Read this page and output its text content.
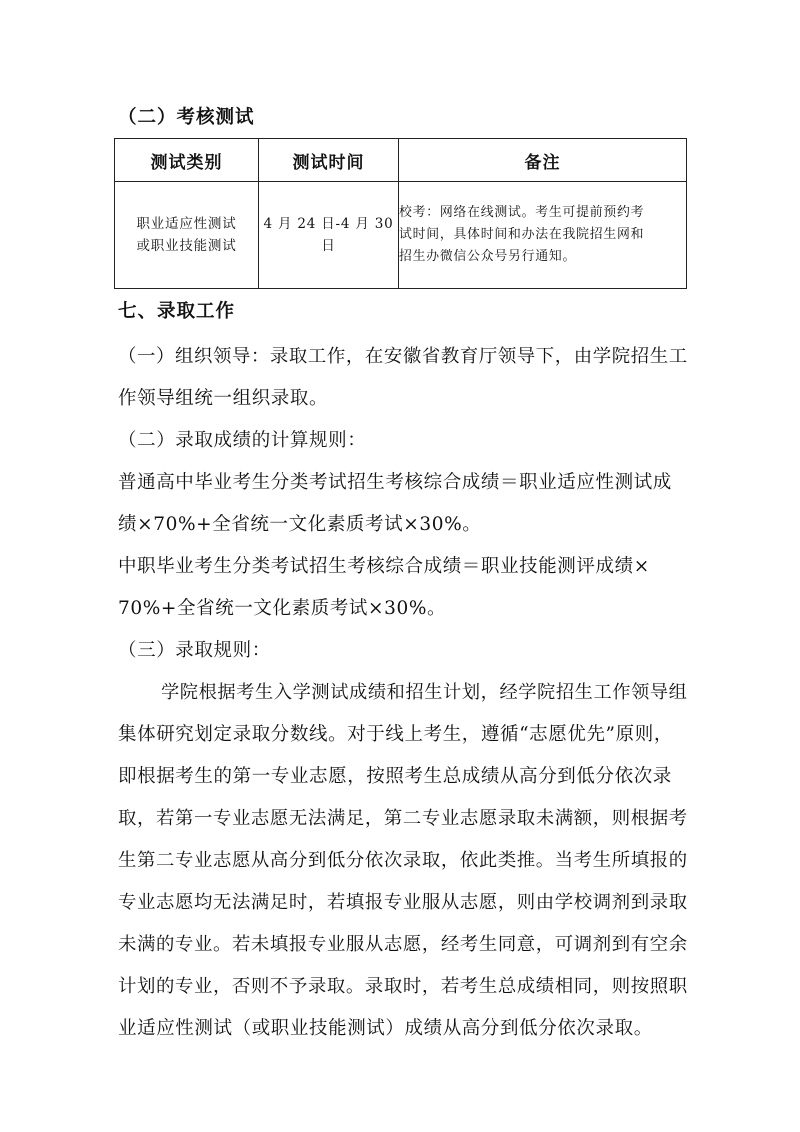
（二）考核测试
测试类别	测试时间	备注

职业适应性测试
或职业技能测试	4 月 24 日-4 月 30 日	校考：网络在线测试。考生可提前预约考
试时间，具体时间和办法在我院招生网和
招生办微信公众号另行通知。
七、录取工作
（一）组织领导：录取工作，在安徽省教育厅领导下，由学院招生工
作领导组统一组织录取。
（二）录取成绩的计算规则：
普通高中毕业考生分类考试招生考核综合成绩＝职业适应性测试成
绩×70%+全省统一文化素质考试×30%。
中职毕业考生分类考试招生考核综合成绩＝职业技能测评成绩×
70%+全省统一文化素质考试×30%。
（三）录取规则：
学院根据考生入学测试成绩和招生计划，经学院招生工作领导组
集体研究划定录取分数线。对于线上考生，遵循“志愿优先”原则，
即根据考生的第一专业志愿，按照考生总成绩从高分到低分依次录
取，若第一专业志愿无法满足，第二专业志愿录取未满额，则根据考
生第二专业志愿从高分到低分依次录取，依此类推。当考生所填报的
专业志愿均无法满足时，若填报专业服从志愿，则由学校调剂到录取
未满的专业。若未填报专业服从志愿，经考生同意，可调剂到有空余
计划的专业，否则不予录取。录取时，若考生总成绩相同，则按照职
业适应性测试（或职业技能测试）成绩从高分到低分依次录取。
